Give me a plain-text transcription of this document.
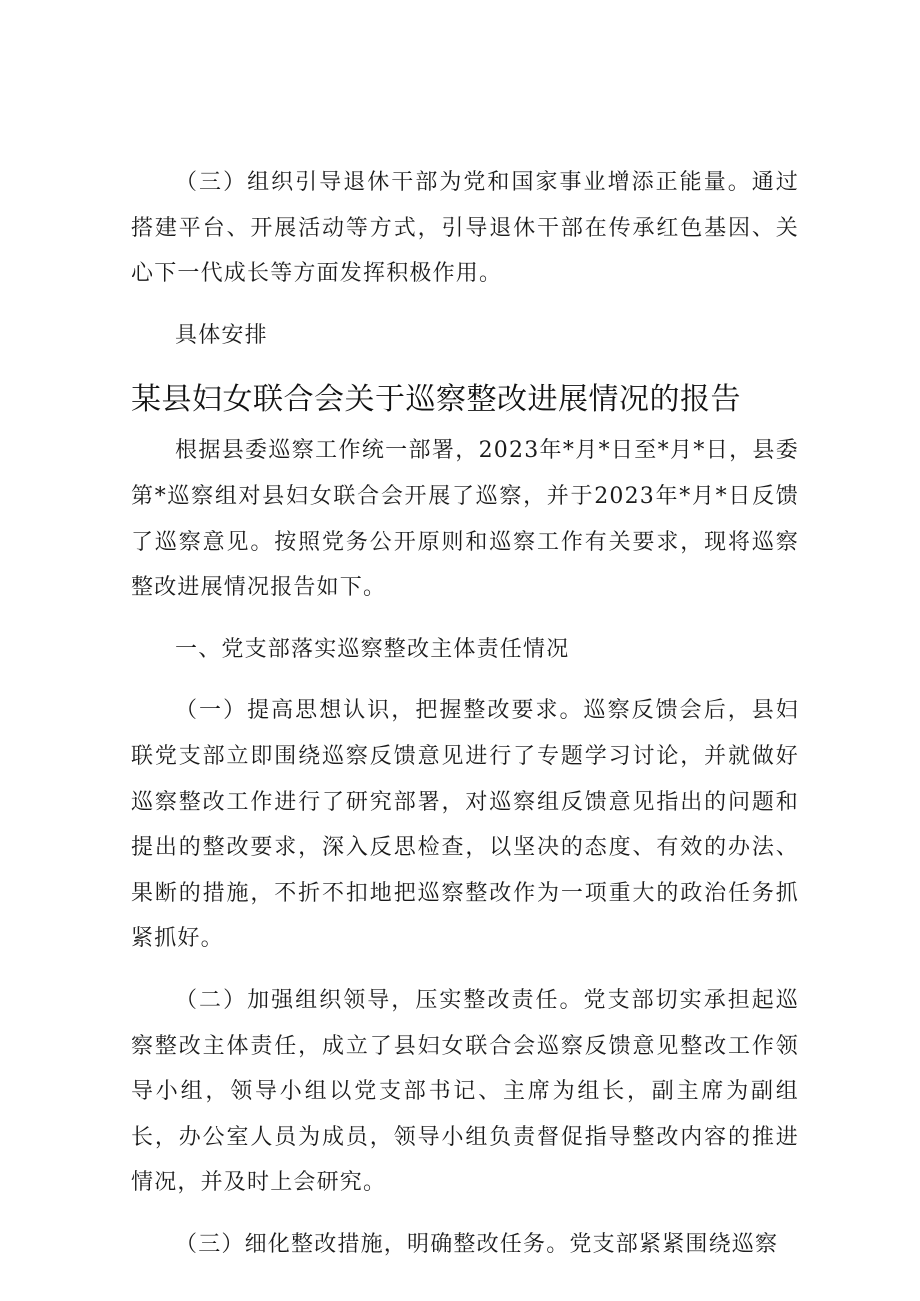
（三）组织引导退休干部为党和国家事业增添正能量。通过搭建平台、开展活动等方式，引导退休干部在传承红色基因、关心下一代成长等方面发挥积极作用。

具体安排

某县妇女联合会关于巡察整改进展情况的报告

根据县委巡察工作统一部署，2023年*月*日至*月*日，县委第*巡察组对县妇女联合会开展了巡察，并于2023年*月*日反馈了巡察意见。按照党务公开原则和巡察工作有关要求，现将巡察整改进展情况报告如下。

一、党支部落实巡察整改主体责任情况

（一）提高思想认识，把握整改要求。巡察反馈会后，县妇联党支部立即围绕巡察反馈意见进行了专题学习讨论，并就做好巡察整改工作进行了研究部署，对巡察组反馈意见指出的问题和提出的整改要求，深入反思检查，以坚决的态度、有效的办法、果断的措施，不折不扣地把巡察整改作为一项重大的政治任务抓紧抓好。

（二）加强组织领导，压实整改责任。党支部切实承担起巡察整改主体责任，成立了县妇女联合会巡察反馈意见整改工作领导小组，领导小组以党支部书记、主席为组长，副主席为副组长，办公室人员为成员，领导小组负责督促指导整改内容的推进情况，并及时上会研究。

（三）细化整改措施，明确整改任务。党支部紧紧围绕巡察
